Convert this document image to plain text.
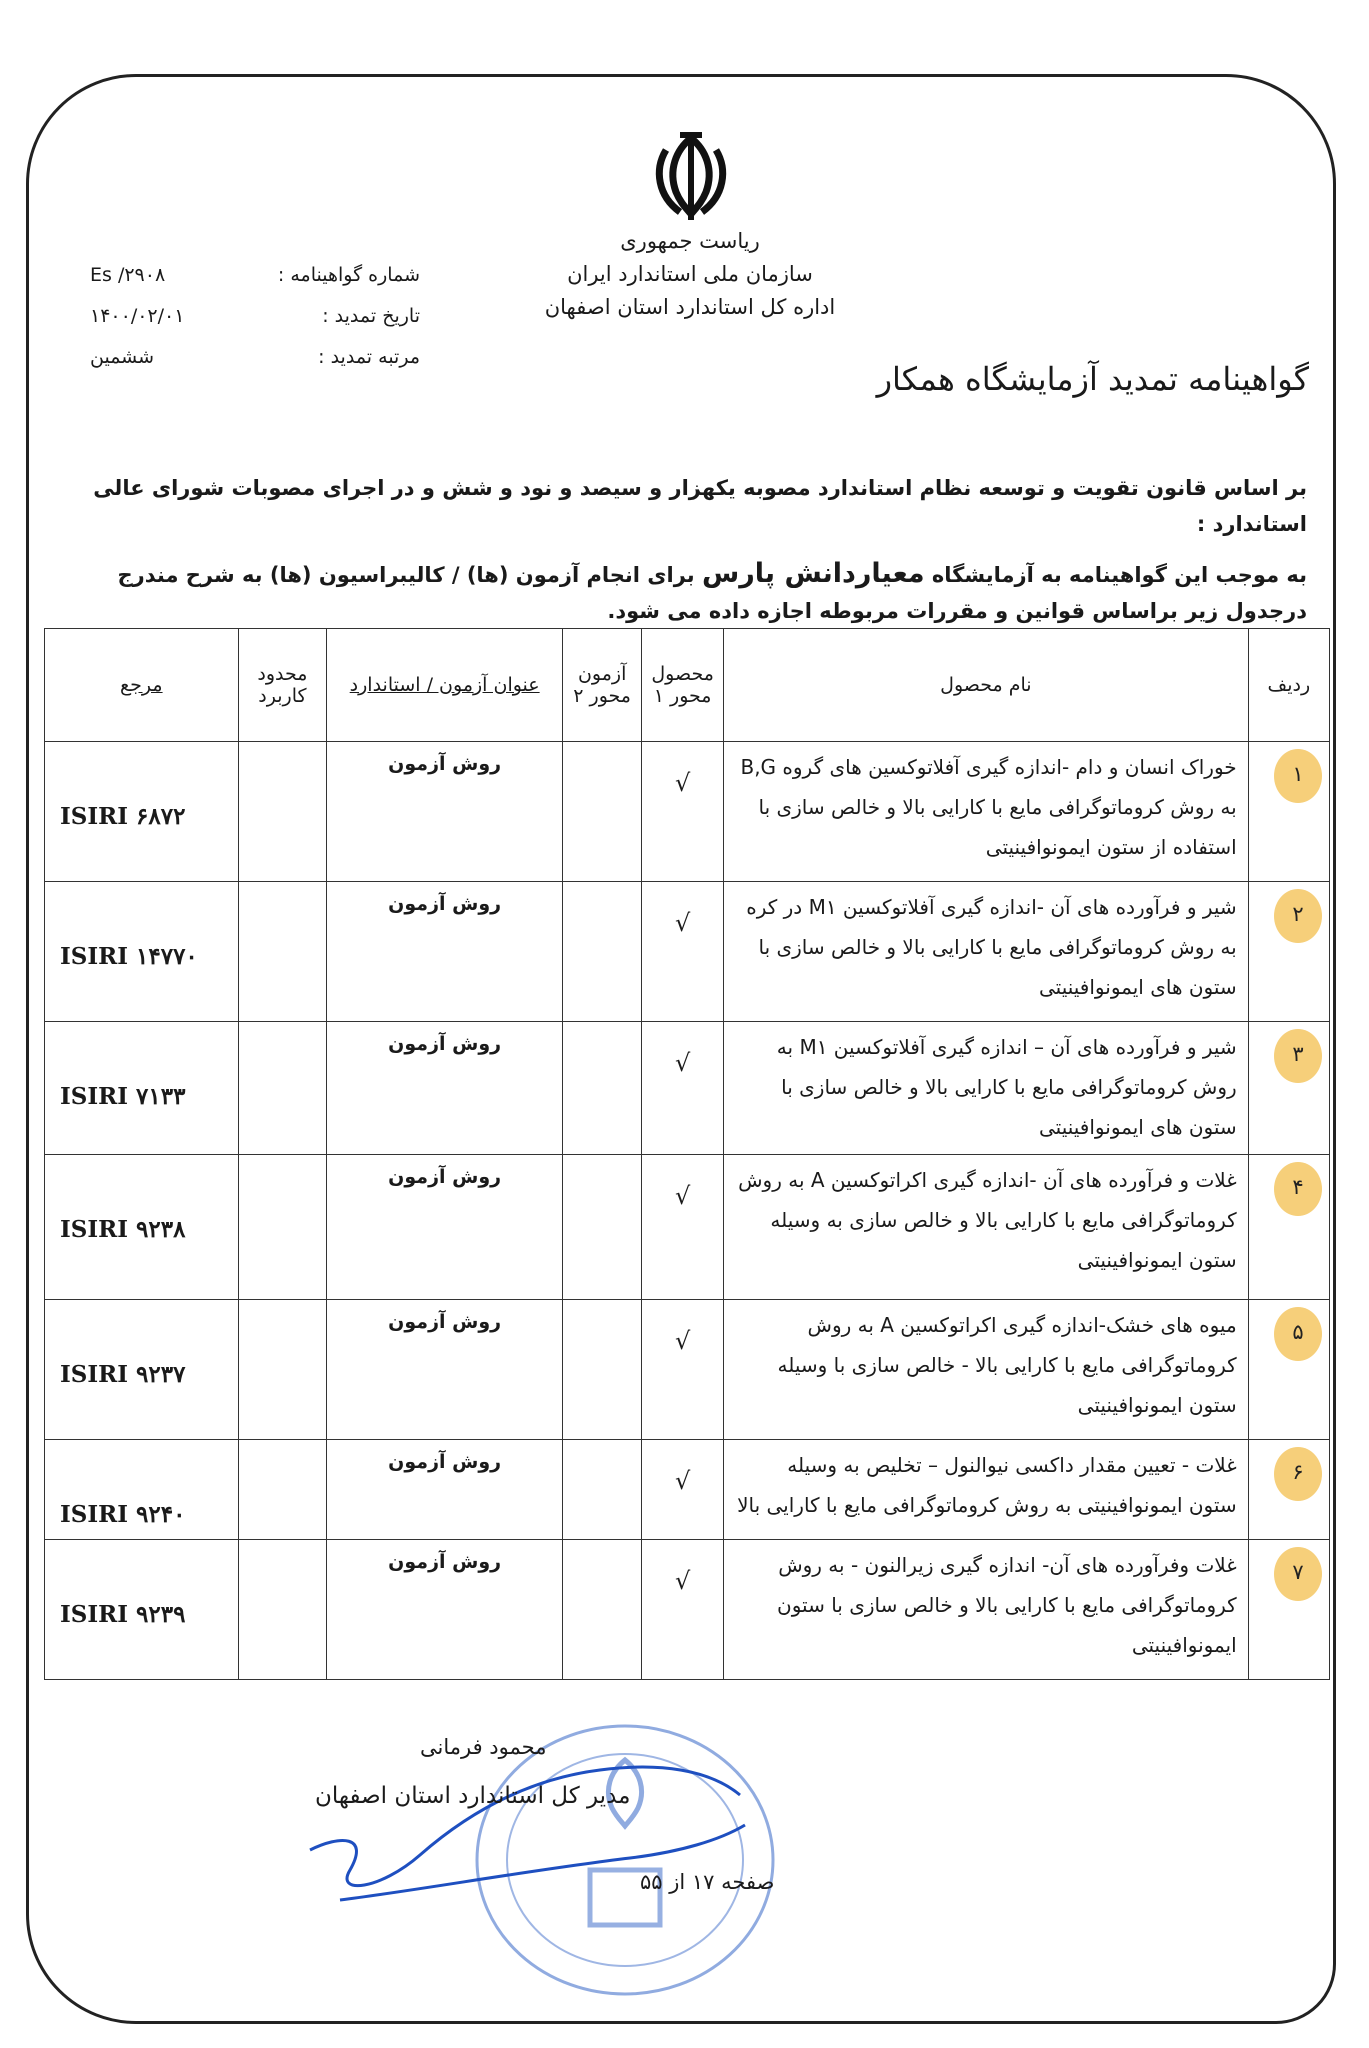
ریاست جمهوری
سازمان ملی استاندارد ایران
اداره کل استاندارد استان اصفهان
شماره گواهینامه :
Es /۲۹۰۸
تاریخ تمدید :
۱۴۰۰/۰۲/۰۱
مرتبه تمدید :
ششمین
گواهینامه تمدید آزمایشگاه همکار

بر اساس قانون تقویت و توسعه نظام استاندارد مصوبه یکهزار و سیصد و نود و شش و در اجرای مصوبات شورای عالی استاندارد :

به موجب این گواهینامه به آزمایشگاه معیاردانش پارس برای انجام آزمون (ها) / کالیبراسیون (ها) به شرح مندرج درجدول زیر براساس قوانین و مقررات مربوطه اجازه داده می شود.

ردیف	نام محصول	محصول محور ۱	آزمون محور ۲	عنوان آزمون / استاندارد	محدود کاربرد	مرجع
۱	خوراک انسان و دام -اندازه گیری آفلاتوکسین های گروه B,G به روش کروماتوگرافی مایع با کارایی بالا و خالص سازی با استفاده از ستون ایمونوافینیتی	√		روش آزمون		ISIRI ۶۸۷۲

۲	شیر و فرآورده های آن -اندازه گیری آفلاتوکسین M۱ در کره به روش کروماتوگرافی مایع با کارایی بالا و خالص سازی با ستون های ایمونوافینیتی	√		روش آزمون		ISIRI ۱۴۷۷۰

۳	شیر و فرآورده های آن – اندازه گیری آفلاتوکسین M۱ به روش کروماتوگرافی مایع با کارایی بالا و خالص سازی با ستون های ایمونوافینیتی	√		روش آزمون		ISIRI ۷۱۳۳

۴	غلات و فرآورده های آن -اندازه گیری اکراتوکسین A به روش کروماتوگرافی مایع با کارایی بالا و خالص سازی به وسیله ستون ایمونوافینیتی	√		روش آزمون		ISIRI ۹۲۳۸

۵	میوه های خشک-اندازه گیری اکراتوکسین A به روش کروماتوگرافی مایع با کارایی بالا - خالص سازی با وسیله ستون ایمونوافینیتی	√		روش آزمون		ISIRI ۹۲۳۷

۶	غلات - تعیین مقدار داکسی نیوالنول – تخلیص به وسیله ستون ایمونوافینیتی به روش کروماتوگرافی مایع با کارایی بالا	√		روش آزمون		ISIRI ۹۲۴۰

۷	غلات وفرآورده های آن- اندازه گیری زیرالنون - به روش کروماتوگرافی مایع با کارایی بالا و خالص سازی با ستون ایمونوافینیتی	√		روش آزمون		ISIRI ۹۲۳۹
محمود فرمانی
مدیر کل استاندارد استان اصفهان
صفحه ۱۷ از ۵۵
